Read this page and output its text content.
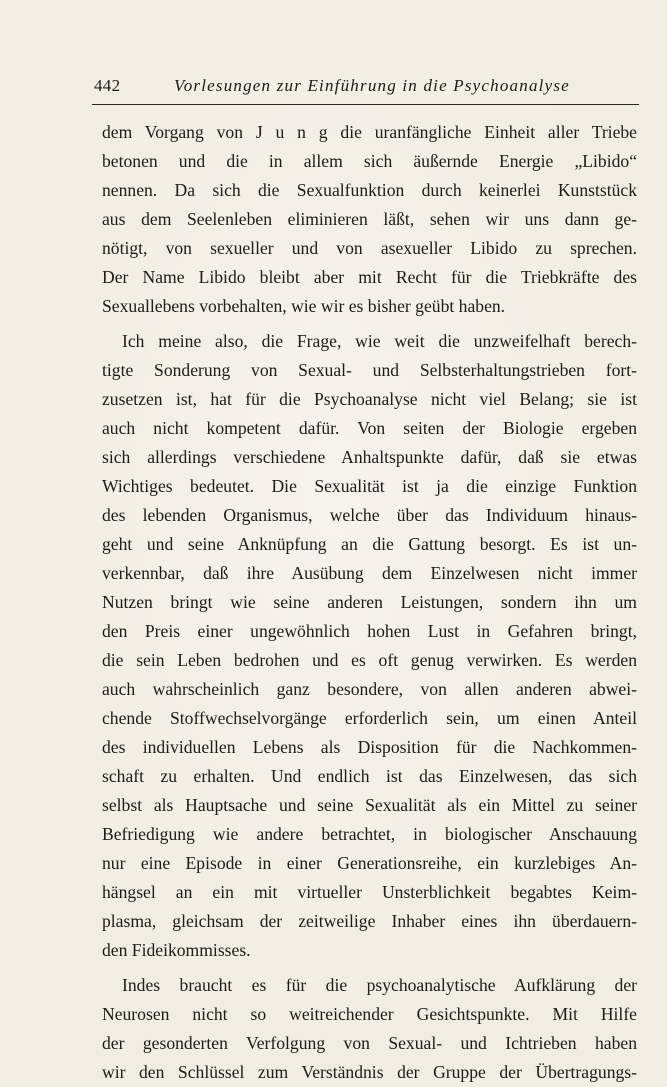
442	Vorlesungen zur Einführung in die Psychoanalyse
dem Vorgang von J u n g die uranfängliche Einheit aller Triebe
betonen und die in allem sich äußernde Energie „Libido“
nennen. Da sich die Sexualfunktion durch keinerlei Kunststück
aus dem Seelenleben eliminieren läßt, sehen wir uns dann ge-
nötigt, von sexueller und von asexueller Libido zu sprechen.
Der Name Libido bleibt aber mit Recht für die Triebkräfte des
Sexuallebens vorbehalten, wie wir es bisher geübt haben.
Ich meine also, die Frage, wie weit die unzweifelhaft berech-
tigte Sonderung von Sexual- und Selbsterhaltungstrieben fort-
zusetzen ist, hat für die Psychoanalyse nicht viel Belang; sie ist
auch nicht kompetent dafür. Von seiten der Biologie ergeben
sich allerdings verschiedene Anhaltspunkte dafür, daß sie etwas
Wichtiges bedeutet. Die Sexualität ist ja die einzige Funktion
des lebenden Organismus, welche über das Individuum hinaus-
geht und seine Anknüpfung an die Gattung besorgt. Es ist un-
verkennbar, daß ihre Ausübung dem Einzelwesen nicht immer
Nutzen bringt wie seine anderen Leistungen, sondern ihn um
den Preis einer ungewöhnlich hohen Lust in Gefahren bringt,
die sein Leben bedrohen und es oft genug verwirken. Es werden
auch wahrscheinlich ganz besondere, von allen anderen abwei-
chende Stoffwechselvorgänge erforderlich sein, um einen Anteil
des individuellen Lebens als Disposition für die Nachkommen-
schaft zu erhalten. Und endlich ist das Einzelwesen, das sich
selbst als Hauptsache und seine Sexualität als ein Mittel zu seiner
Befriedigung wie andere betrachtet, in biologischer Anschauung
nur eine Episode in einer Generationsreihe, ein kurzlebiges An-
hängsel an ein mit virtueller Unsterblichkeit begabtes Keim-
plasma, gleichsam der zeitweilige Inhaber eines ihn überdauern-
den Fideikommisses.
Indes braucht es für die psychoanalytische Aufklärung der
Neurosen nicht so weitreichender Gesichtspunkte. Mit Hilfe
der gesonderten Verfolgung von Sexual- und Ichtrieben haben
wir den Schlüssel zum Verständnis der Gruppe der Übertragungs-
